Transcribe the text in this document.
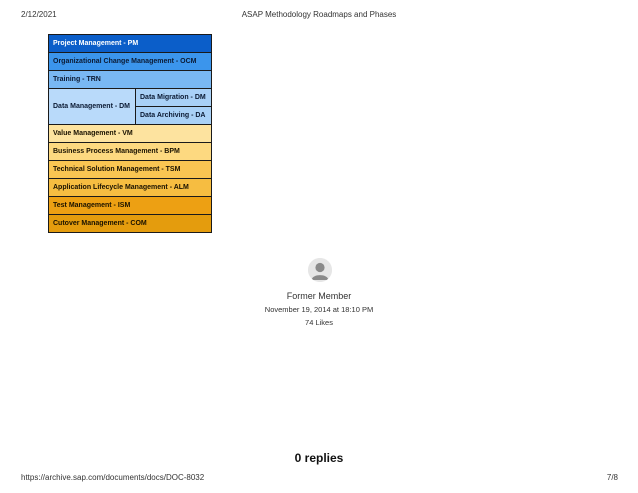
2/12/2021	ASAP Methodology Roadmaps and Phases
Project Management - PM
Organizational Change Management - OCM
Training - TRN
Data Management - DM	Data Migration - DM
Data Archiving - DA
Value Management - VM
Business Process Management - BPM
Technical Solution Management - TSM
Application Lifecycle Management - ALM
Test Management - ISM
Cutover Management - COM
Former Member
November 19, 2014 at 18:10 PM
74 Likes
0 replies
https://archive.sap.com/documents/docs/DOC-8032	7/8
